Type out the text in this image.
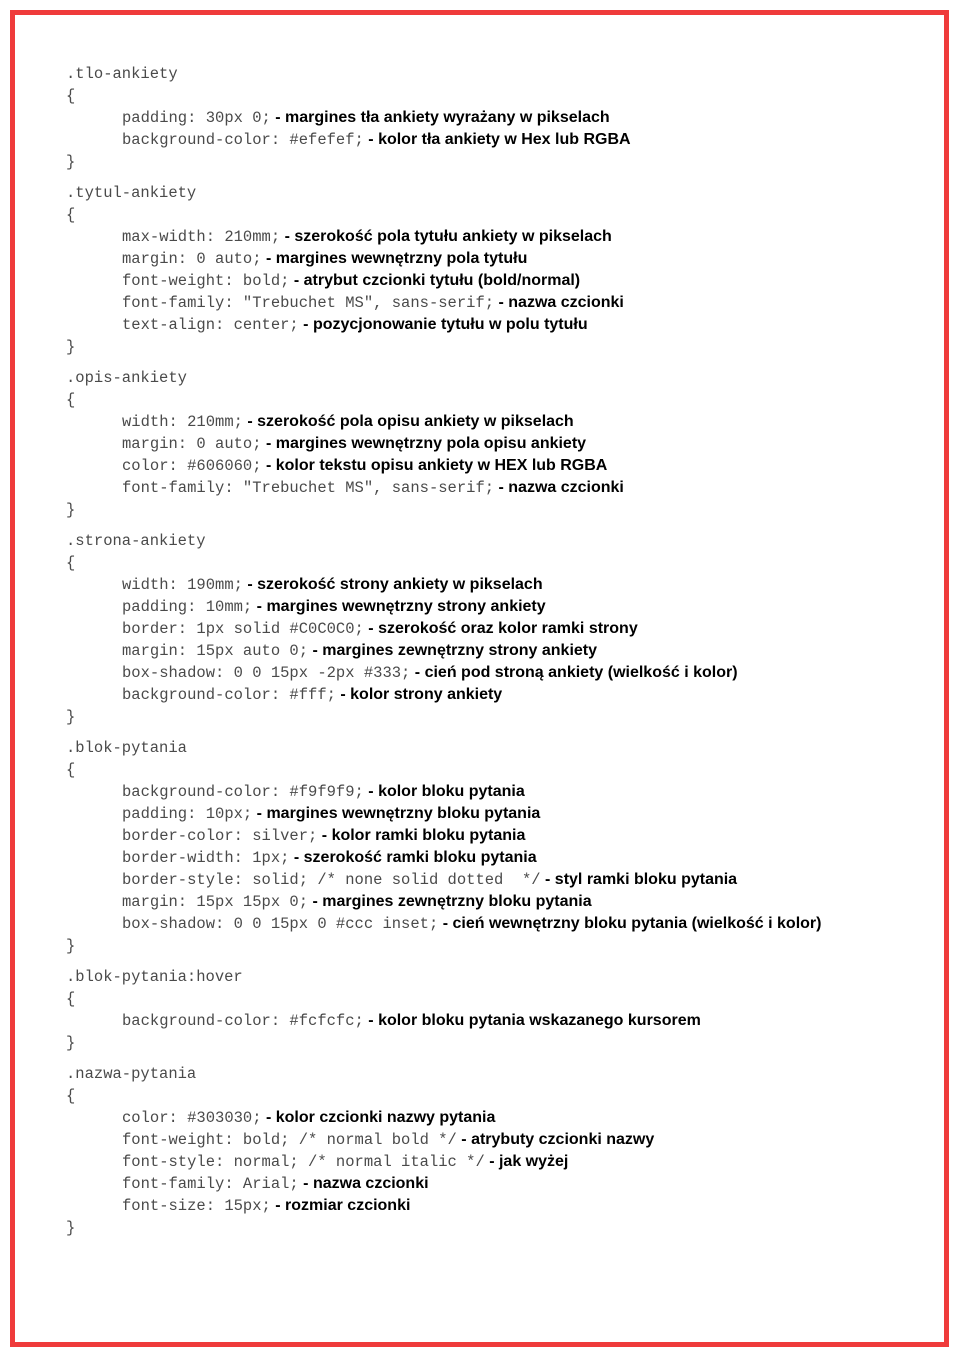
.tlo-ankiety
{
padding: 30px 0; - margines tła ankiety wyrażany w pikselach
background-color: #efefef; - kolor tła ankiety w Hex lub RGBA
}
.tytul-ankiety
{
max-width: 210mm; - szerokość pola tytułu ankiety w pikselach
margin: 0 auto; - margines wewnętrzny pola tytułu
font-weight: bold; - atrybut czcionki tytułu (bold/normal)
font-family: "Trebuchet MS", sans-serif; - nazwa czcionki
text-align: center; - pozycjonowanie tytułu w polu tytułu
}
.opis-ankiety
{
width: 210mm; - szerokość pola opisu ankiety w pikselach
margin: 0 auto; - margines wewnętrzny pola opisu ankiety
color: #606060; - kolor tekstu opisu ankiety w HEX lub RGBA
font-family: "Trebuchet MS", sans-serif; - nazwa czcionki
}
.strona-ankiety
{
width: 190mm; - szerokość strony ankiety w pikselach
padding: 10mm; - margines wewnętrzny strony ankiety
border: 1px solid #C0C0C0; - szerokość oraz kolor ramki strony
margin: 15px auto 0; - margines zewnętrzny strony ankiety
box-shadow: 0 0 15px -2px #333; - cień pod stroną ankiety (wielkość i kolor)
background-color: #fff; - kolor strony ankiety
}
.blok-pytania
{
background-color: #f9f9f9; - kolor bloku pytania
padding: 10px; - margines wewnętrzny bloku pytania
border-color: silver; - kolor ramki bloku pytania
border-width: 1px; - szerokość ramki bloku pytania
border-style: solid; /* none solid dotted  */ - styl ramki bloku pytania
margin: 15px 15px 0; - margines zewnętrzny bloku pytania
box-shadow: 0 0 15px 0 #ccc inset; - cień wewnętrzny bloku pytania (wielkość i kolor)
}
.blok-pytania:hover
{
background-color: #fcfcfc; - kolor bloku pytania wskazanego kursorem
}
.nazwa-pytania
{
color: #303030; - kolor czcionki nazwy pytania
font-weight: bold; /* normal bold */ - atrybuty czcionki nazwy
font-style: normal; /* normal italic */ - jak wyżej
font-family: Arial; - nazwa czcionki
font-size: 15px; - rozmiar czcionki
}
